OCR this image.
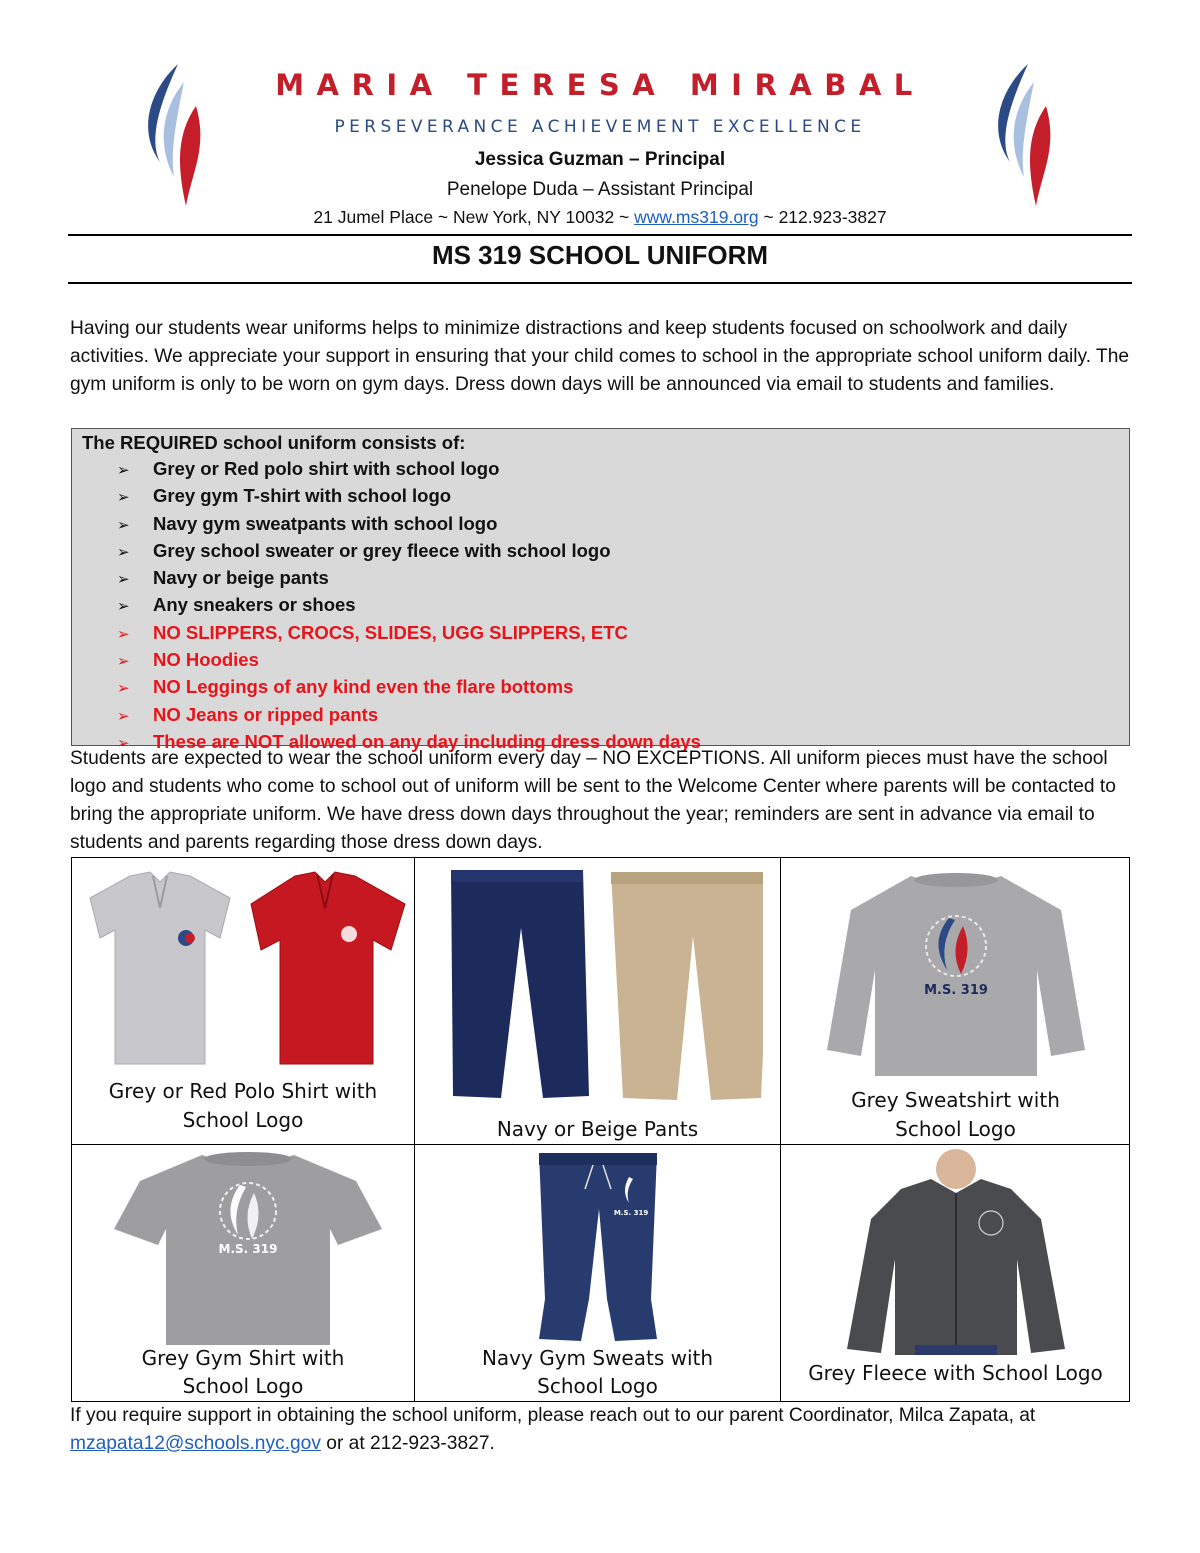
MARIA TERESA MIRABAL
PERSEVERANCE ACHIEVEMENT EXCELLENCE
Jessica Guzman – Principal
Penelope Duda – Assistant Principal
21 Jumel Place ~ New York, NY 10032 ~ www.ms319.org ~ 212.923-3827
MS 319 SCHOOL UNIFORM

Having our students wear uniforms helps to minimize distractions and keep students focused on schoolwork and daily activities. We appreciate your support in ensuring that your child comes to school in the appropriate school uniform daily. The gym uniform is only to be worn on gym days. Dress down days will be announced via email to students and families.

The REQUIRED school uniform consists of:
➢ Grey or Red polo shirt with school logo
➢ Grey gym T-shirt with school logo
➢ Navy gym sweatpants with school logo
➢ Grey school sweater or grey fleece with school logo
➢ Navy or beige pants
➢ Any sneakers or shoes
➢ NO SLIPPERS, CROCS, SLIDES, UGG SLIPPERS, ETC
➢ NO Hoodies
➢ NO Leggings of any kind even the flare bottoms
➢ NO Jeans or ripped pants
➢ These are NOT allowed on any day including dress down days

Students are expected to wear the school uniform every day – NO EXCEPTIONS. All uniform pieces must have the school logo and students who come to school out of uniform will be sent to the Welcome Center where parents will be contacted to bring the appropriate uniform. We have dress down days throughout the year; reminders are sent in advance via email to students and parents regarding those dress down days.

Grey or Red Polo Shirt with
School Logo	Navy or Beige Pants
M.S. 319
Grey Sweatshirt with
School Logo
M.S. 319
Grey Gym Shirt with
School Logo
M.S. 319
Navy Gym Sweats with
School Logo
Grey Fleece with School Logo

If you require support in obtaining the school uniform, please reach out to our parent Coordinator, Milca Zapata, at mzapata12@schools.nyc.gov or at 212-923-3827.
